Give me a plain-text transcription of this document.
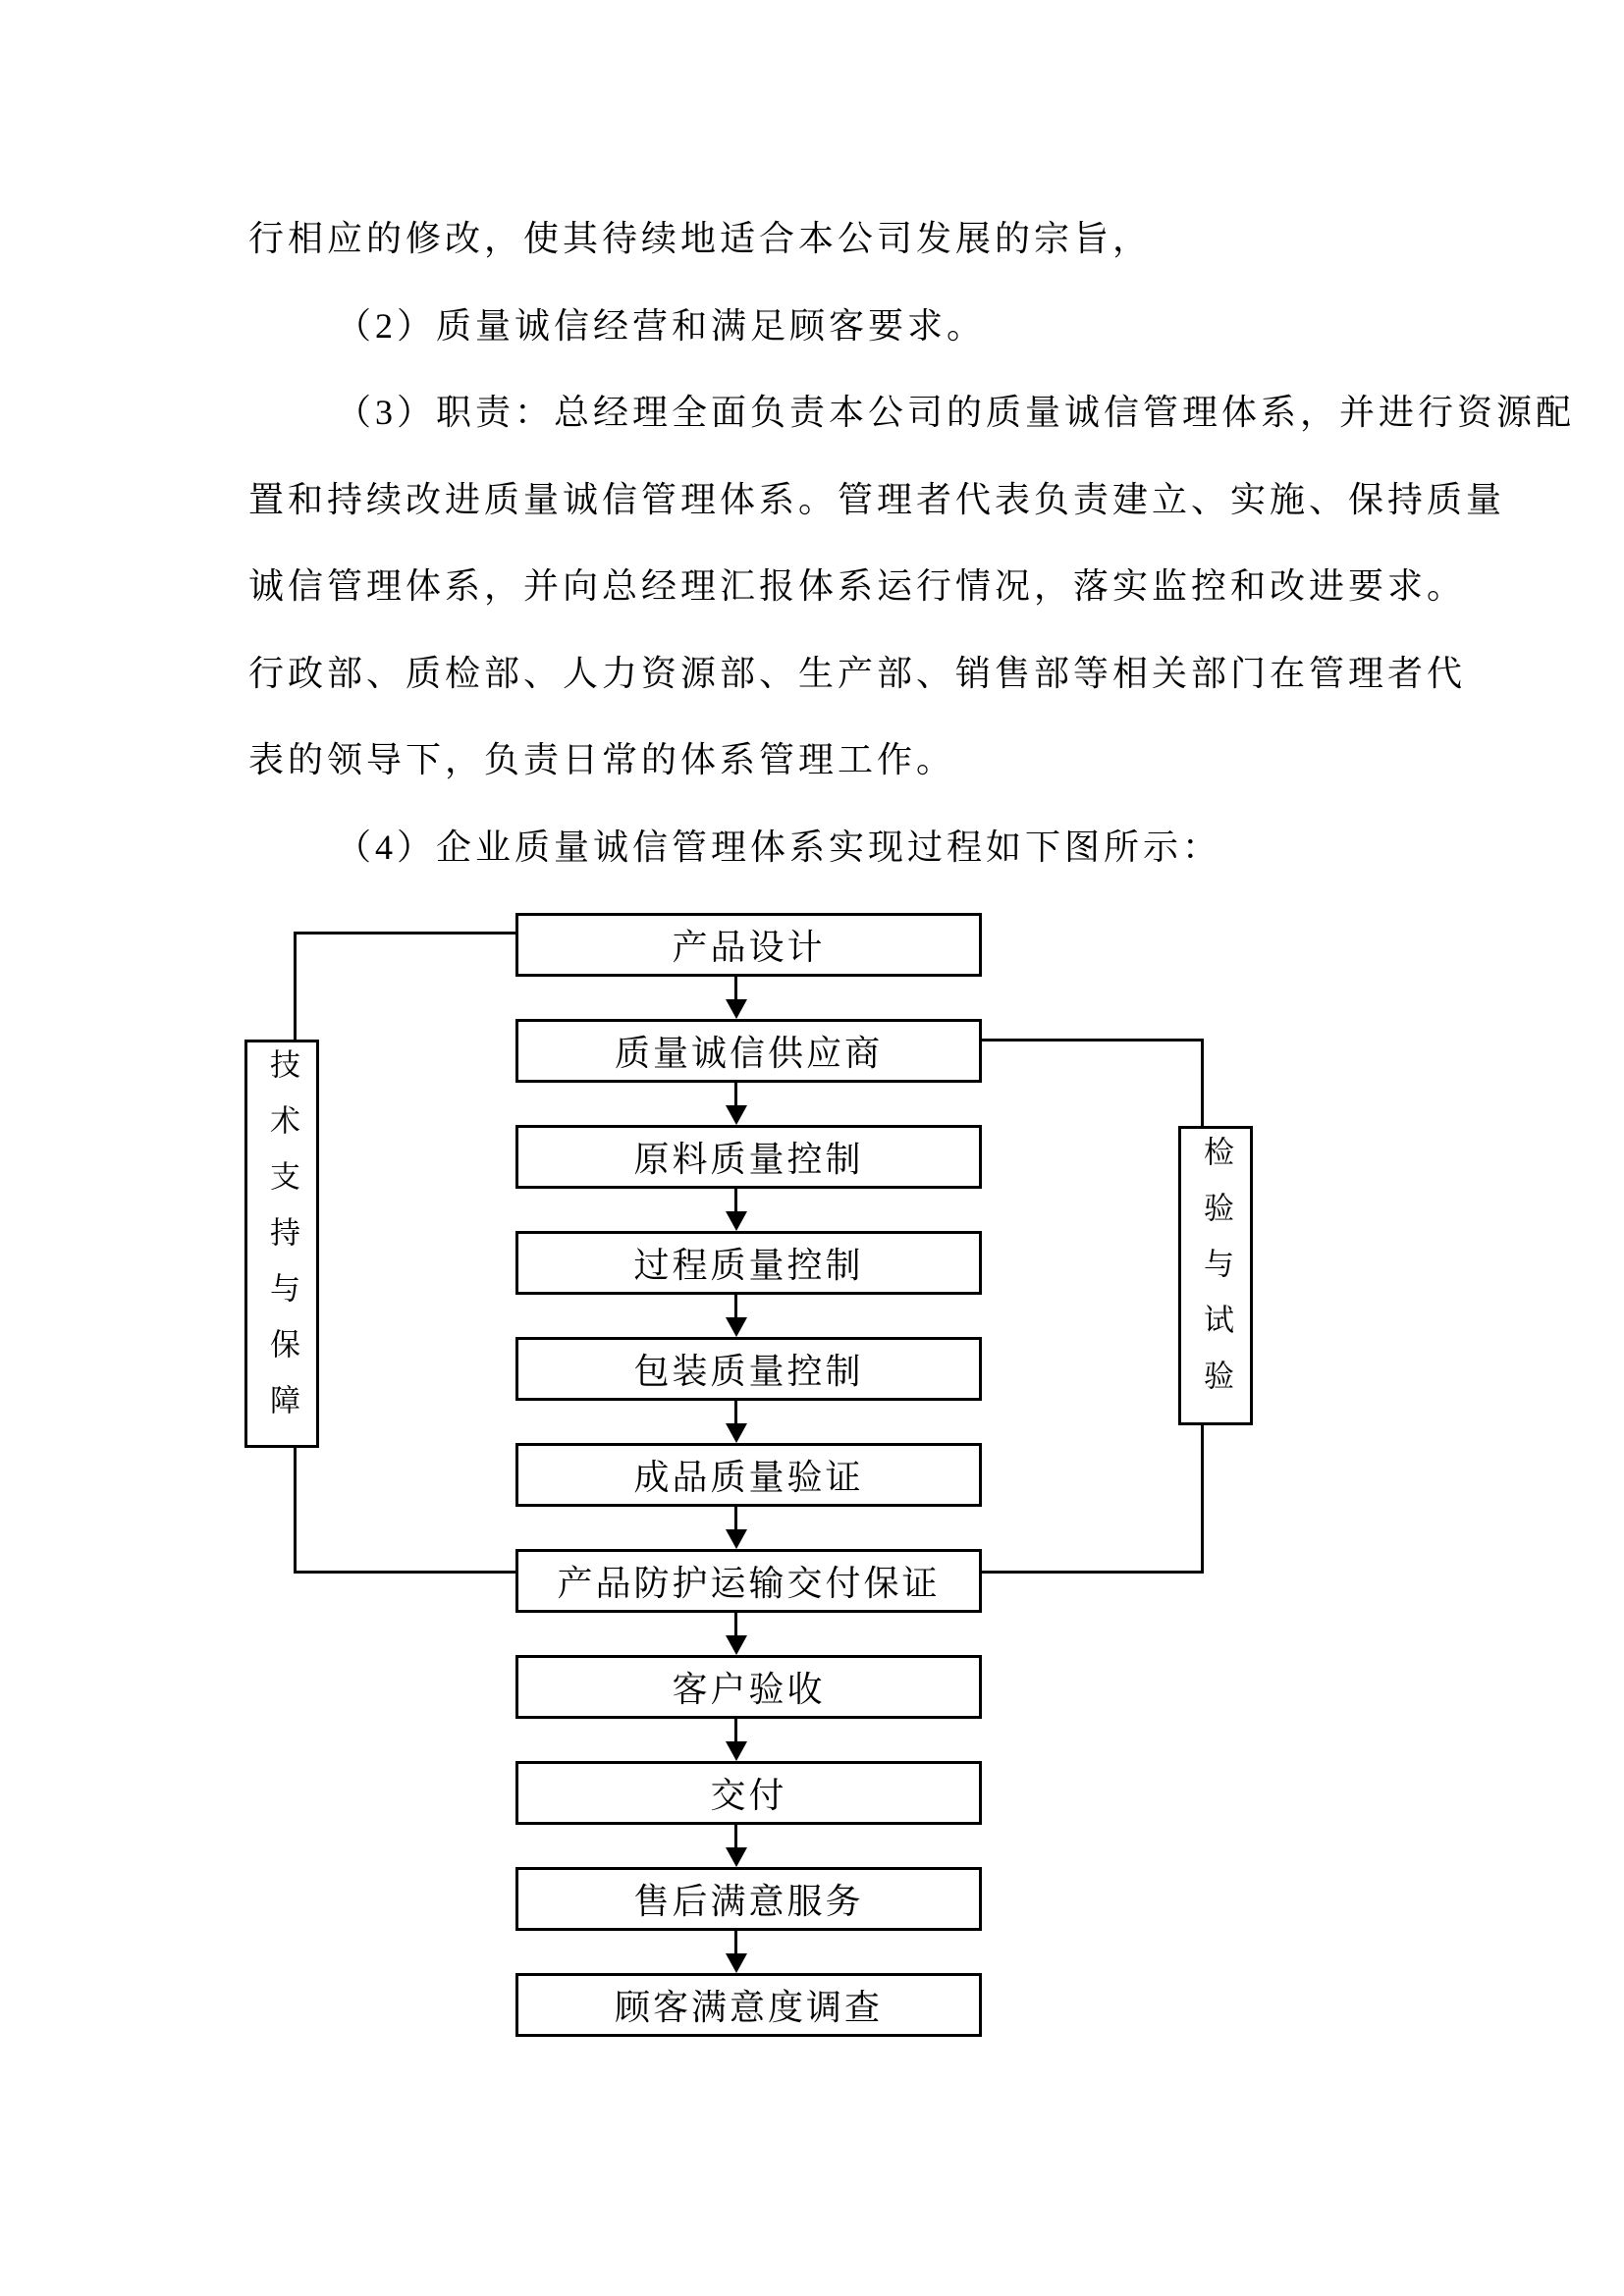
行相应的修改，使其待续地适合本公司发展的宗旨，

（2）质量诚信经营和满足顾客要求。

（3）职责：总经理全面负责本公司的质量诚信管理体系，并进行资源配

置和持续改进质量诚信管理体系。管理者代表负责建立、实施、保持质量

诚信管理体系，并向总经理汇报体系运行情况，落实监控和改进要求。

行政部、质检部、人力资源部、生产部、销售部等相关部门在管理者代

表的领导下，负责日常的体系管理工作。

（4）企业质量诚信管理体系实现过程如下图所示：

产品设计
质量诚信供应商
原料质量控制
过程质量控制
包装质量控制
成品质量验证
产品防护运输交付保证
客户验收
交付
售后满意服务
顾客满意度调查
技术支持与保障	检验与试验
